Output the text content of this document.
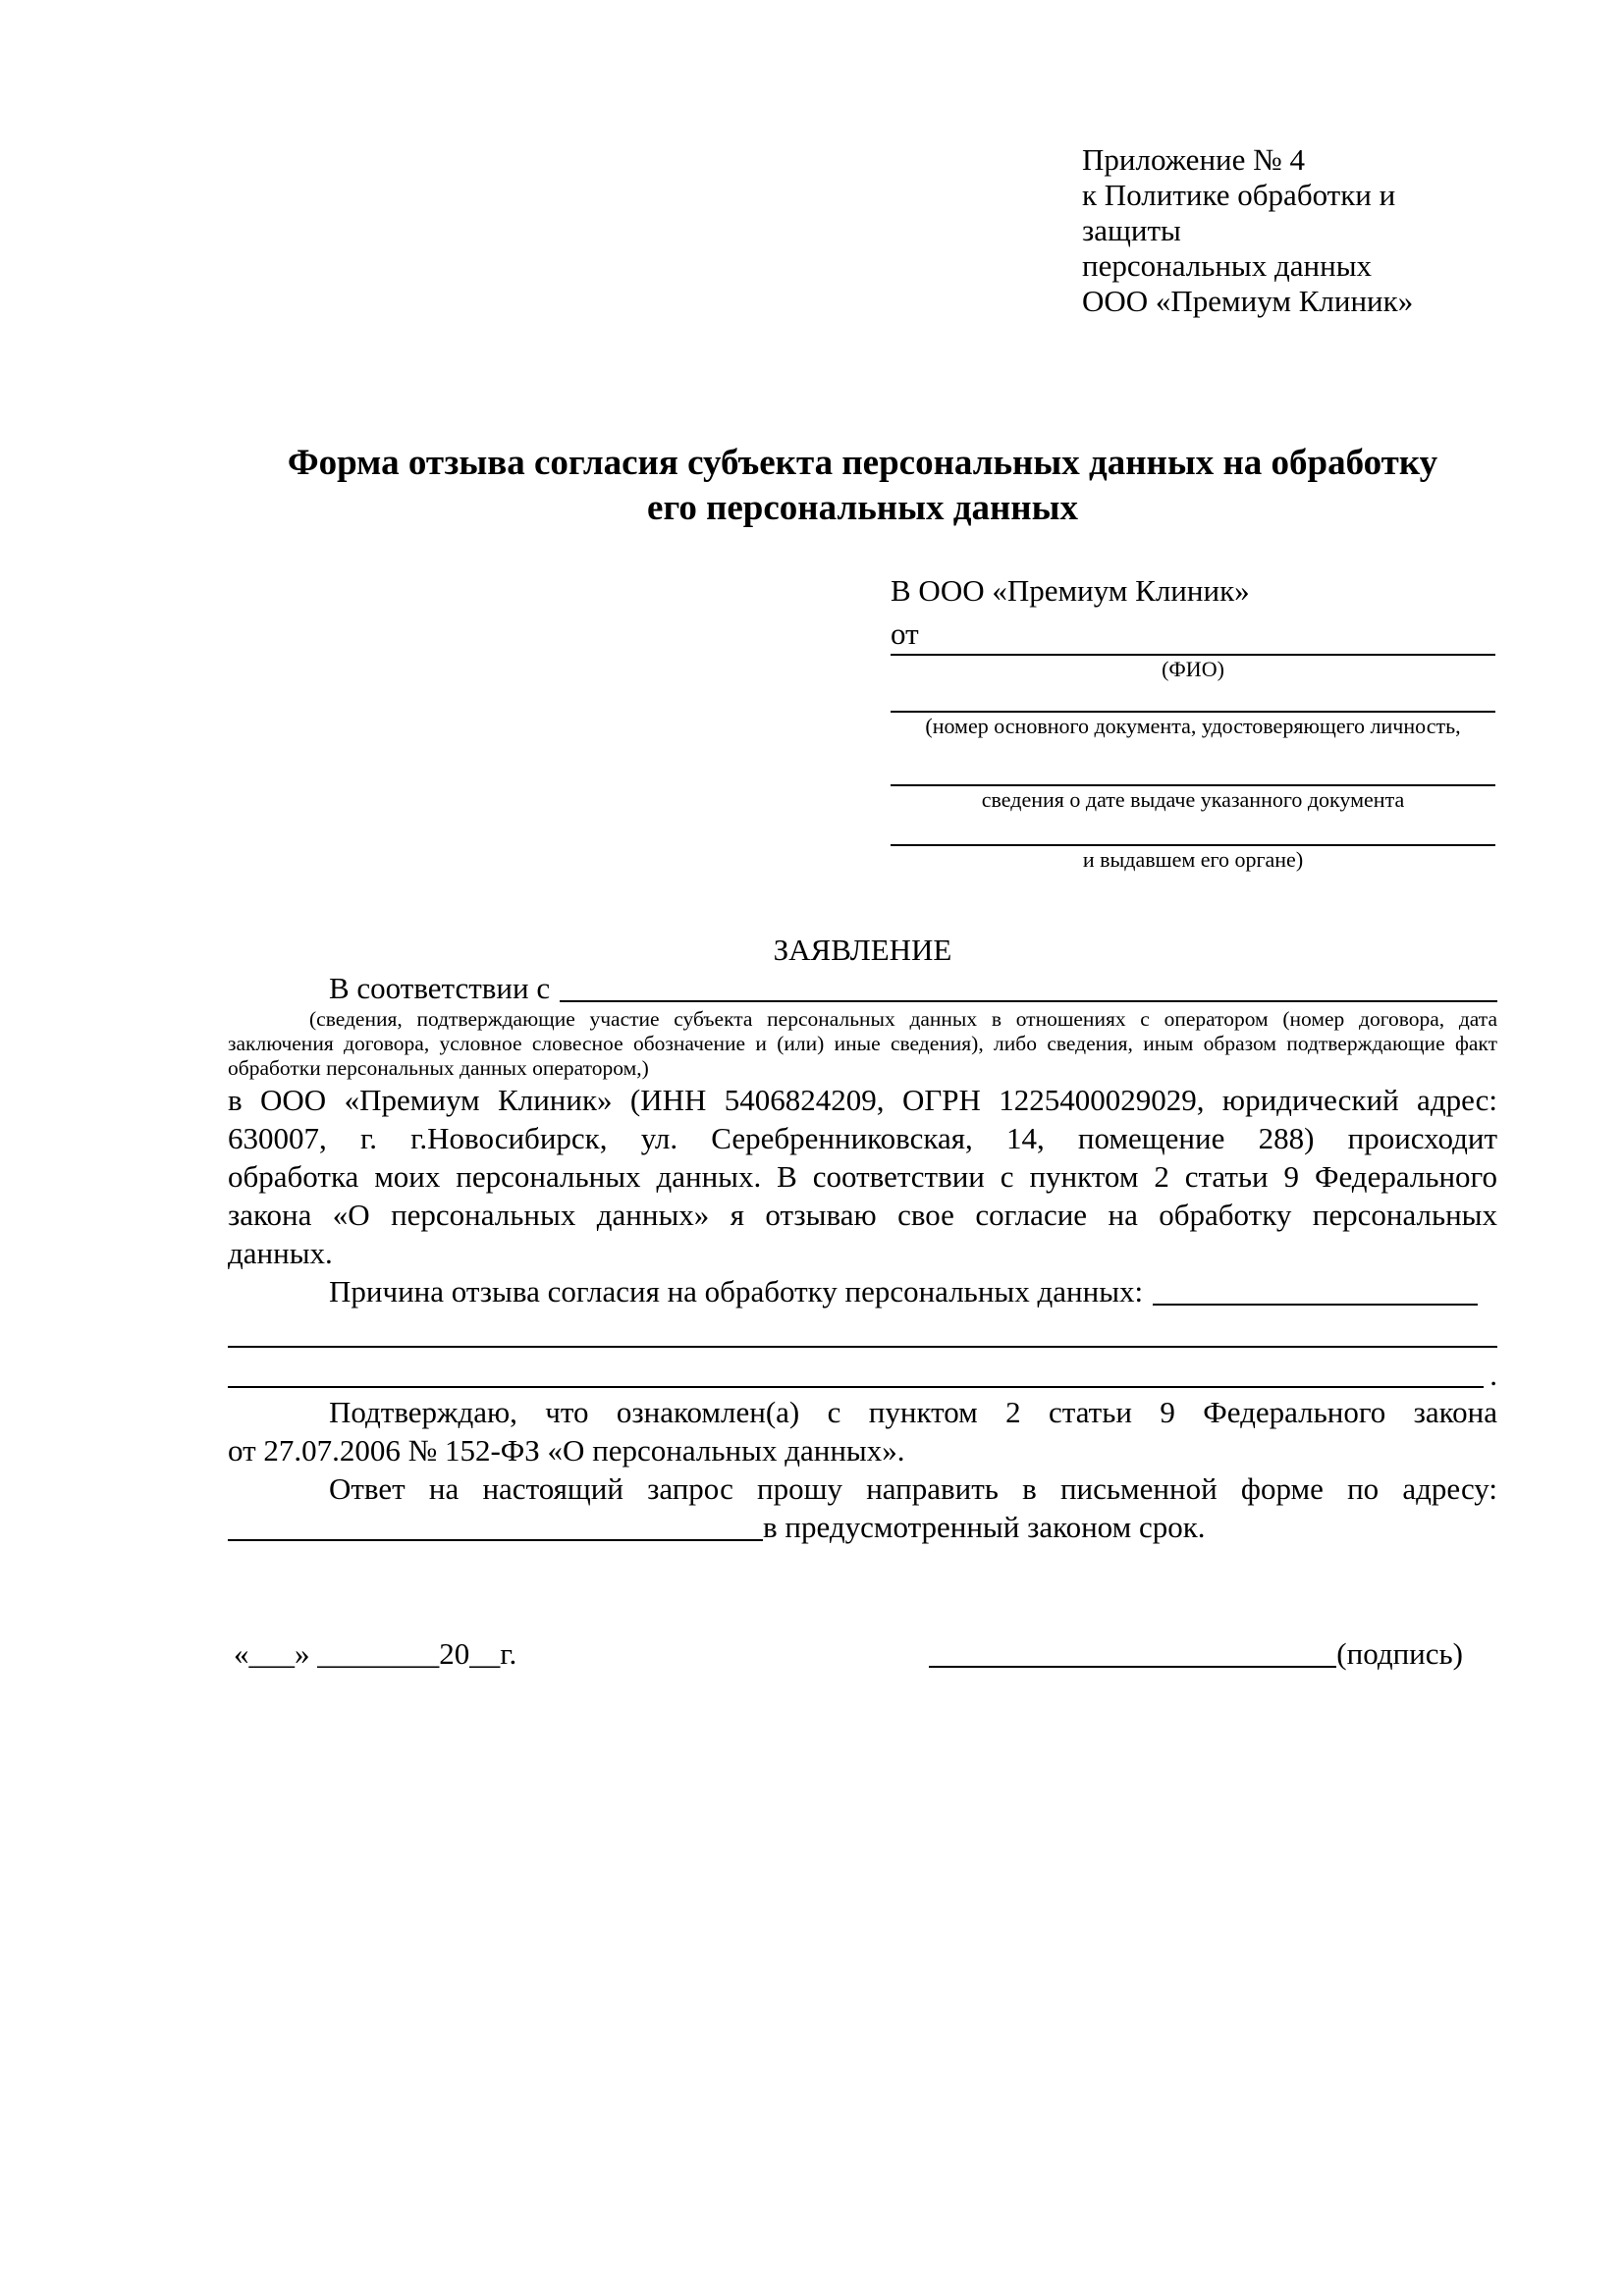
Приложение № 4
к Политике обработки и защиты
персональных данных
ООО «Премиум Клиник»
Форма отзыва согласия субъекта персональных данных на обработку
его персональных данных
В ООО «Премиум Клиник»
от
(ФИО)
(номер основного документа, удостоверяющего личность,
сведения о дате выдаче указанного документа
и выдавшем его органе)
ЗАЯВЛЕНИЕ
В соответствии с
(сведения, подтверждающие участие субъекта персональных данных в отношениях с оператором (номер договора, дата
заключения договора, условное словесное обозначение и (или) иные сведения), либо сведения, иным образом подтверждающие факт
обработки персональных данных оператором,)
в ООО «Премиум Клиник» (ИНН 5406824209, ОГРН 1225400029029, юридический адрес:
630007, г. г.Новосибирск, ул. Серебренниковская, 14, помещение 288) происходит
обработка моих персональных данных. В соответствии с пунктом 2 статьи 9 Федерального
закона «О персональных данных» я отзываю свое согласие на обработку персональных
данных.
Причина отзыва согласия на обработку персональных данных:
.
Подтверждаю, что ознакомлен(а) с пунктом 2 статьи 9 Федерального закона
от 27.07.2006 № 152-ФЗ «О персональных данных».
Ответ на настоящий запрос прошу направить в письменной форме по адресу:
в предусмотренный законом срок.
«___» ________20__г.	(подпись)
